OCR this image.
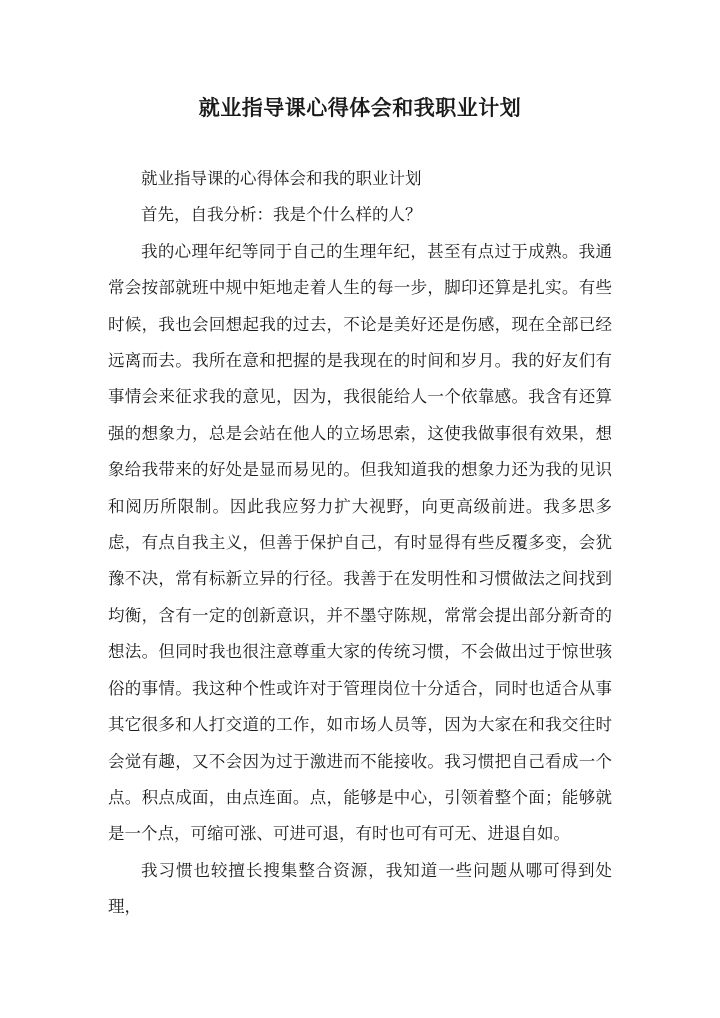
就业指导课心得体会和我职业计划

就业指导课的心得体会和我的职业计划

首先，自我分析：我是个什么样的人？

我的心理年纪等同于自己的生理年纪，甚至有点过于成熟。我通常会按部就班中规中矩地走着人生的每一步，脚印还算是扎实。有些时候，我也会回想起我的过去，不论是美好还是伤感，现在全部已经远离而去。我所在意和把握的是我现在的时间和岁月。我的好友们有事情会来征求我的意见，因为，我很能给人一个依靠感。我含有还算强的想象力，总是会站在他人的立场思索，这使我做事很有效果，想象给我带来的好处是显而易见的。但我知道我的想象力还为我的见识和阅历所限制。因此我应努力扩大视野，向更高级前进。我多思多虑，有点自我主义，但善于保护自己，有时显得有些反覆多变，会犹豫不决，常有标新立异的行径。我善于在发明性和习惯做法之间找到均衡，含有一定的创新意识，并不墨守陈规，常常会提出部分新奇的想法。但同时我也很注意尊重大家的传统习惯，不会做出过于惊世骇俗的事情。我这种个性或许对于管理岗位十分适合，同时也适合从事其它很多和人打交道的工作，如市场人员等，因为大家在和我交往时会觉有趣，又不会因为过于激进而不能接收。我习惯把自己看成一个点。积点成面，由点连面。点，能够是中心，引领着整个面；能够就是一个点，可缩可涨、可进可退，有时也可有可无、进退自如。

我习惯也较擅长搜集整合资源，我知道一些问题从哪可得到处理，
